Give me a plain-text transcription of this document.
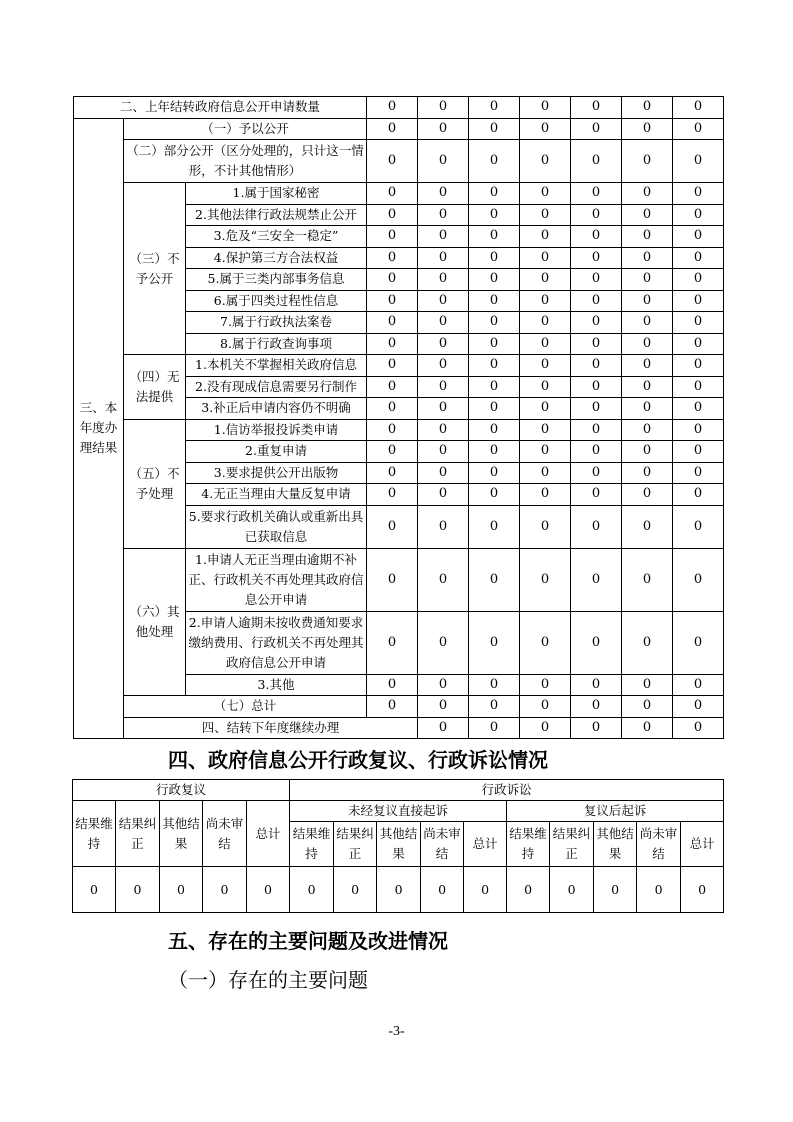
二、上年结转政府信息公开申请数量			0	0	0	0	0	0	0	
三、本年度办理结果	（一）予以公开		0	0	0	0	0	0	0	
	（二）部分公开（区分处理的，只计这一情形，不计其他情形）		0	0	0	0	0	0	0	
	（三）不予公开	1.属于国家秘密	0	0	0	0	0	0	0	
		2.其他法律行政法规禁止公开	0	0	0	0	0	0	0	
		3.危及“三安全一稳定”	0	0	0	0	0	0	0	
		4.保护第三方合法权益	0	0	0	0	0	0	0	
		5.属于三类内部事务信息	0	0	0	0	0	0	0	
		6.属于四类过程性信息	0	0	0	0	0	0	0	
		7.属于行政执法案卷	0	0	0	0	0	0	0	
		8.属于行政查询事项	0	0	0	0	0	0	0	
	（四）无法提供	1.本机关不掌握相关政府信息	0	0	0	0	0	0	0	
		2.没有现成信息需要另行制作	0	0	0	0	0	0	0	
		3.补正后申请内容仍不明确	0	0	0	0	0	0	0	
	（五）不予处理	1.信访举报投诉类申请	0	0	0	0	0	0	0	
		2.重复申请	0	0	0	0	0	0	0	
		3.要求提供公开出版物	0	0	0	0	0	0	0	
		4.无正当理由大量反复申请	0	0	0	0	0	0	0	
		5.要求行政机关确认或重新出具已获取信息	0	0	0	0	0	0	0	
	（六）其他处理	1.申请人无正当理由逾期不补正、行政机关不再处理其政府信息公开申请	0	0	0	0	0	0	0	
		2.申请人逾期未按收费通知要求缴纳费用、行政机关不再处理其政府信息公开申请	0	0	0	0	0	0	0	
		3.其他	0	0	0	0	0	0	0	
	（七）总计		0	0	0	0	0	0	0	
	四、结转下年度继续办理			0	0	0	0	0	0	
四、政府信息公开行政复议、行政诉讼情况
行政复议					行政诉讼									
结果维持	结果纠正	其他结果	尚未审结	总计	未经复议直接起诉					复议后起诉				
					结果维持	结果纠正	其他结果	尚未审结	总计	结果维持	结果纠正	其他结果	尚未审结	总计
0	0	0	0	0	0	0	0	0	0	0	0	0	0	0
五、存在的主要问题及改进情况
（一）存在的主要问题
-3-
